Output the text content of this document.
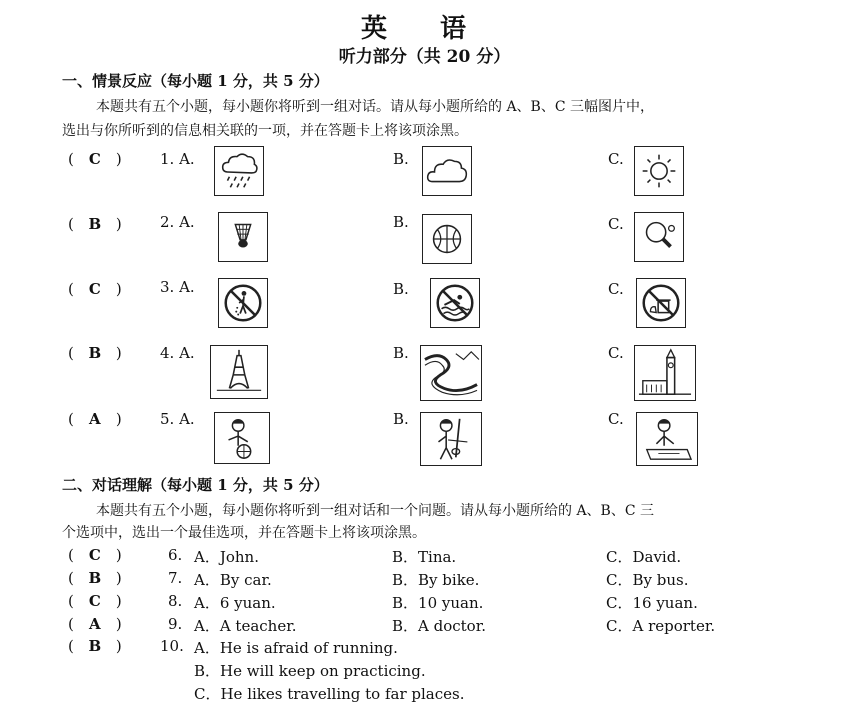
英 语
听力部分（共 20 分）
一、情景反应（每小题 1 分，共 5 分）
本题共有五个小题，每小题你将听到一组对话。请从每小题所给的 A、B、C 三幅图片中，
选出与你所听到的信息相关联的一项，并在答题卡上将该项涂黑。
( C )	1. A.	B.	C.
( B )	2. A.	B.	C.
( C )	3. A.	B.	C.
( B )	4. A.	B.	C.
( A )	5. A.	B.	C.
二、对话理解（每小题 1 分，共 5 分）
本题共有五个小题，每小题你将听到一组对话和一个问题。请从每小题所给的 A、B、C 三
个选项中，选出一个最佳选项，并在答题卡上将该项涂黑。
( C )	6. A．John.	B．Tina.	C．David.
( B )	7. A．By car.	B．By bike.	C．By bus.
( C )	8. A．6 yuan.	B．10 yuan.	C．16 yuan.
( A )	9. A．A teacher.	B．A doctor.	C．A reporter.
( B )	10. A．He is afraid of running.
B．He will keep on practicing.
C．He likes travelling to far places.
